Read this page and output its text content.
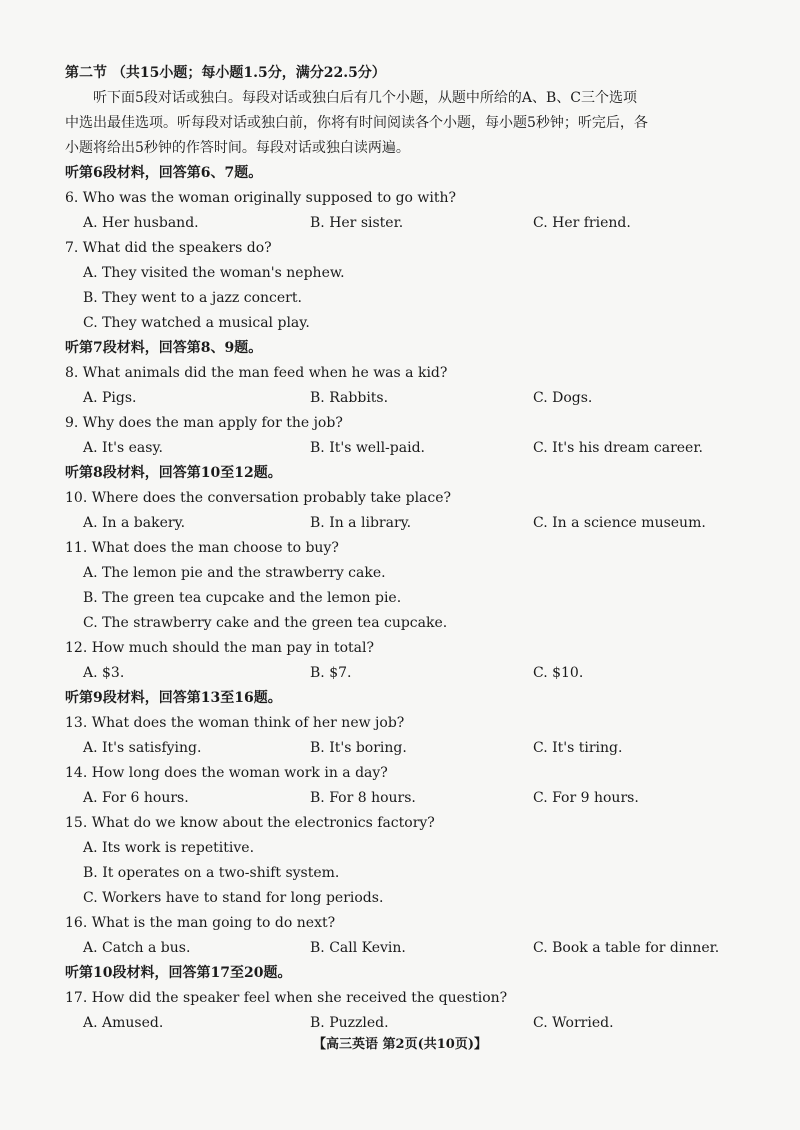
第二节 （共15小题；每小题1.5分，满分22.5分）
听下面5段对话或独白。每段对话或独白后有几个小题，从题中所给的A、B、C三个选项
中选出最佳选项。听每段对话或独白前，你将有时间阅读各个小题，每小题5秒钟；听完后，各
小题将给出5秒钟的作答时间。每段对话或独白读两遍。
听第6段材料，回答第6、7题。
6. Who was the woman originally supposed to go with?
A. Her husband.	B. Her sister.	C. Her friend.
7. What did the speakers do?
A. They visited the woman's nephew.
B. They went to a jazz concert.
C. They watched a musical play.
听第7段材料，回答第8、9题。
8. What animals did the man feed when he was a kid?
A. Pigs.	B. Rabbits.	C. Dogs.
9. Why does the man apply for the job?
A. It's easy.	B. It's well-paid.	C. It's his dream career.
听第8段材料，回答第10至12题。
10. Where does the conversation probably take place?
A. In a bakery.	B. In a library.	C. In a science museum.
11. What does the man choose to buy?
A. The lemon pie and the strawberry cake.
B. The green tea cupcake and the lemon pie.
C. The strawberry cake and the green tea cupcake.
12. How much should the man pay in total?
A. $3.	B. $7.	C. $10.
听第9段材料，回答第13至16题。
13. What does the woman think of her new job?
A. It's satisfying.	B. It's boring.	C. It's tiring.
14. How long does the woman work in a day?
A. For 6 hours.	B. For 8 hours.	C. For 9 hours.
15. What do we know about the electronics factory?
A. Its work is repetitive.
B. It operates on a two-shift system.
C. Workers have to stand for long periods.
16. What is the man going to do next?
A. Catch a bus.	B. Call Kevin.	C. Book a table for dinner.
听第10段材料，回答第17至20题。
17. How did the speaker feel when she received the question?
A. Amused.	B. Puzzled.	C. Worried.
【高三英语 第2页(共10页)】
